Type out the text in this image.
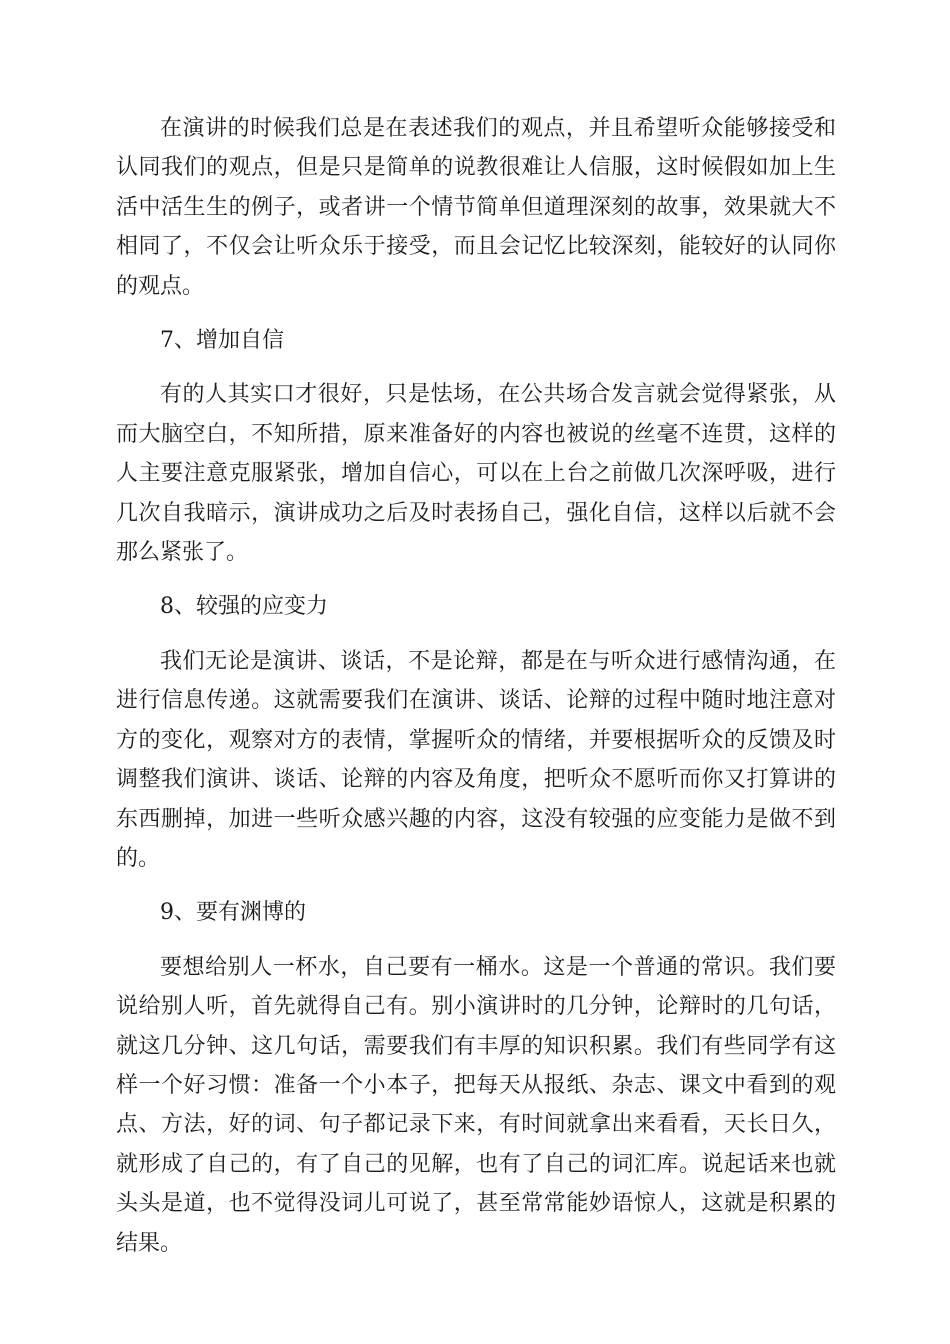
在演讲的时候我们总是在表述我们的观点，并且希望听众能够接受和认同我们的观点，但是只是简单的说教很难让人信服，这时候假如加上生活中活生生的例子，或者讲一个情节简单但道理深刻的故事，效果就大不相同了，不仅会让听众乐于接受，而且会记忆比较深刻，能较好的认同你的观点。

7、增加自信

有的人其实口才很好，只是怯场，在公共场合发言就会觉得紧张，从而大脑空白，不知所措，原来准备好的内容也被说的丝毫不连贯，这样的人主要注意克服紧张，增加自信心，可以在上台之前做几次深呼吸，进行几次自我暗示，演讲成功之后及时表扬自己，强化自信，这样以后就不会那么紧张了。

8、较强的应变力

我们无论是演讲、谈话，不是论辩，都是在与听众进行感情沟通，在进行信息传递。这就需要我们在演讲、谈话、论辩的过程中随时地注意对方的变化，观察对方的表情，掌握听众的情绪，并要根据听众的反馈及时调整我们演讲、谈话、论辩的内容及角度，把听众不愿听而你又打算讲的东西删掉，加进一些听众感兴趣的内容，这没有较强的应变能力是做不到的。

9、要有渊博的

要想给别人一杯水，自己要有一桶水。这是一个普通的常识。我们要说给别人听，首先就得自己有。别小演讲时的几分钟，论辩时的几句话，就这几分钟、这几句话，需要我们有丰厚的知识积累。我们有些同学有这样一个好习惯：准备一个小本子，把每天从报纸、杂志、课文中看到的观点、方法，好的词、句子都记录下来，有时间就拿出来看看，天长日久，就形成了自己的，有了自己的见解，也有了自己的词汇库。说起话来也就头头是道，也不觉得没词儿可说了，甚至常常能妙语惊人，这就是积累的结果。
